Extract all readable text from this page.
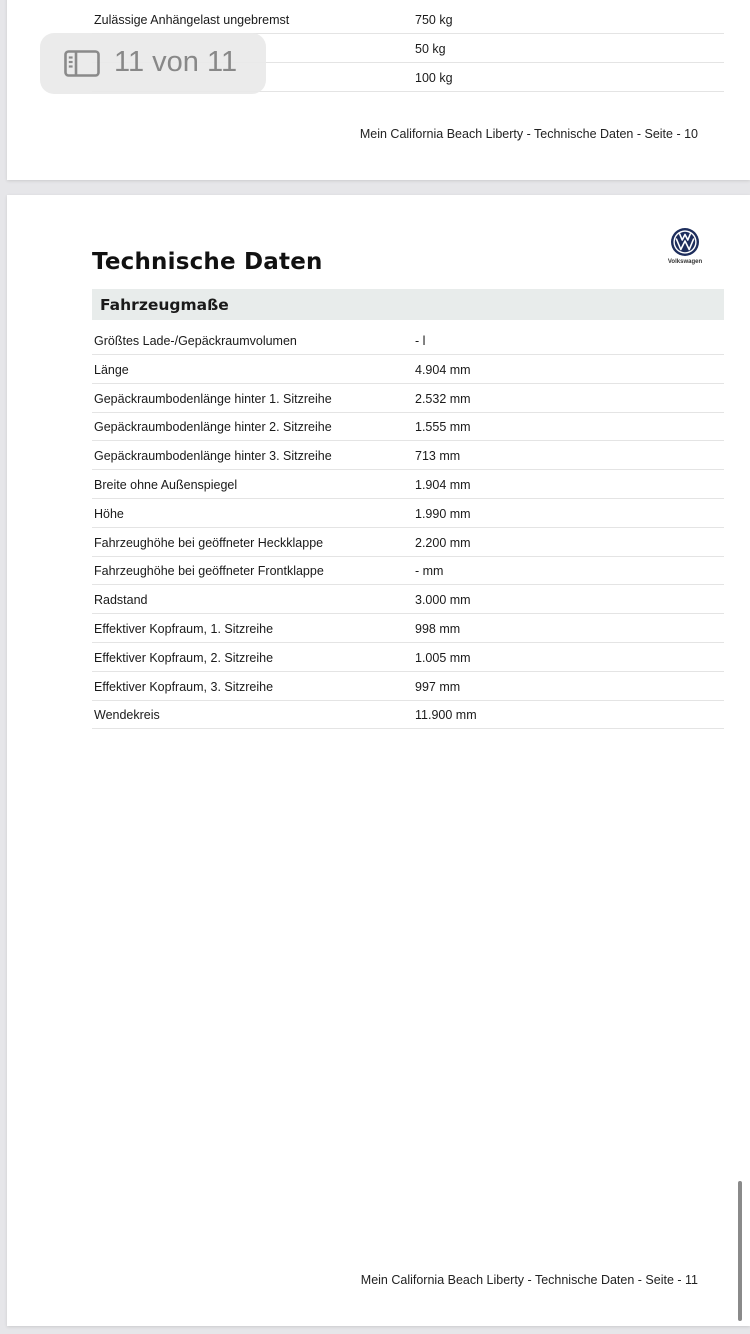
Zulässige Anhängelast ungebremst	750 kg
50 kg
100 kg
Mein California Beach Liberty - Technische Daten - Seite - 10
Technische Daten	Volkswagen
Fahrzeugmaße
Größtes Lade-/Gepäckraumvolumen	- l
Länge	4.904 mm
Gepäckraumbodenlänge hinter 1. Sitzreihe	2.532 mm
Gepäckraumbodenlänge hinter 2. Sitzreihe	1.555 mm
Gepäckraumbodenlänge hinter 3. Sitzreihe	713 mm
Breite ohne Außenspiegel	1.904 mm
Höhe	1.990 mm
Fahrzeughöhe bei geöffneter Heckklappe	2.200 mm
Fahrzeughöhe bei geöffneter Frontklappe	- mm
Radstand	3.000 mm
Effektiver Kopfraum, 1. Sitzreihe	998 mm
Effektiver Kopfraum, 2. Sitzreihe	1.005 mm
Effektiver Kopfraum, 3. Sitzreihe	997 mm
Wendekreis	11.900 mm
Mein California Beach Liberty - Technische Daten - Seite - 11
11 von 11
